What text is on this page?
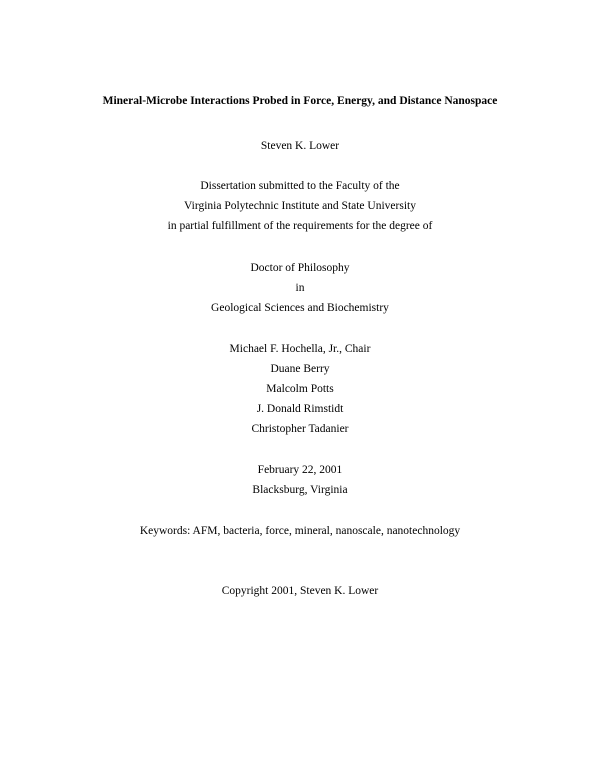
Mineral-Microbe Interactions Probed in Force, Energy, and Distance Nanospace
Steven K. Lower
Dissertation submitted to the Faculty of the
Virginia Polytechnic Institute and State University
in partial fulfillment of the requirements for the degree of
Doctor of Philosophy
in
Geological Sciences and Biochemistry
Michael F. Hochella, Jr., Chair
Duane Berry
Malcolm Potts
J. Donald Rimstidt
Christopher Tadanier
February 22, 2001
Blacksburg, Virginia
Keywords: AFM, bacteria, force, mineral, nanoscale, nanotechnology
Copyright 2001, Steven K. Lower
